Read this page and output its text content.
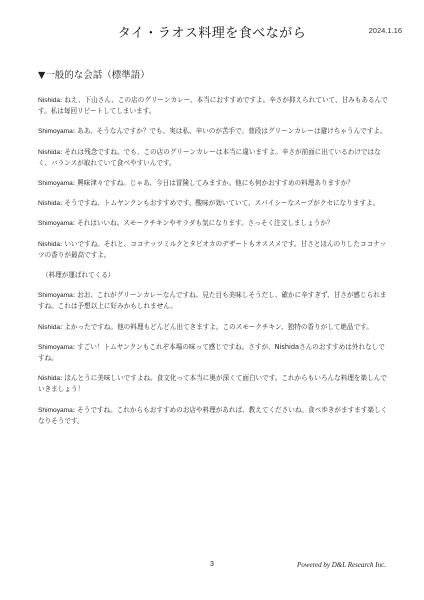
タイ・ラオス料理を食べながら	2024.1.16
▼一般的な会話（標準語）

Nishida: ねえ、下山さん、この店のグリーンカレー、本当におすすめですよ。辛さが抑えられていて、甘みもあるんです。私は毎回リピートしてしまいます。

Shimoyama: ああ、そうなんですか？でも、実は私、辛いのが苦手で、普段はグリーンカレーは避けちゃうんですよ。

Nishida: それは残念ですね。でも、この店のグリーンカレーは本当に違いますよ。辛さが前面に出ているわけではなく、バランスが取れていて食べやすいんです。

Shimoyama: 興味津々ですね。じゃあ、今日は冒険してみますか。他にも何かおすすめの料理ありますか？

Nishida: そうですね、トムヤンクンもおすすめです。酸味が効いていて、スパイシーなスープがクセになりますよ。

Shimoyama: それはいいね。スモークチキンやサラダも気になります。さっそく注文しましょうか？

Nishida: いいですね。それと、ココナッツミルクとタピオカのデザートもオススメです。甘さとほんのりしたココナッツの香りが最高ですよ。

（料理が運ばれてくる）

Shimoyama: おお、これがグリーンカレーなんですね。見た目も美味しそうだし、確かに辛すぎず、甘さが感じられますね。これは予想以上に好みかもしれません。

Nishida: よかったですね。他の料理もどんどん出てきますよ。このスモークチキン、独特の香りがして絶品です。

Shimoyama: すごい！トムヤンクンもこれぞ本場の味って感じですね。さすが、Nishidaさんのおすすめは外れなしですね。

Nishida: ほんとうに美味しいですよね。食文化って本当に奥が深くて面白いです。これからもいろんな料理を楽しんでいきましょう！

Shimoyama: そうですね。これからもおすすめのお店や料理があれば、教えてくださいね。食べ歩きがますます楽しくなりそうです。

3	Powered by D&L Research Inc.
